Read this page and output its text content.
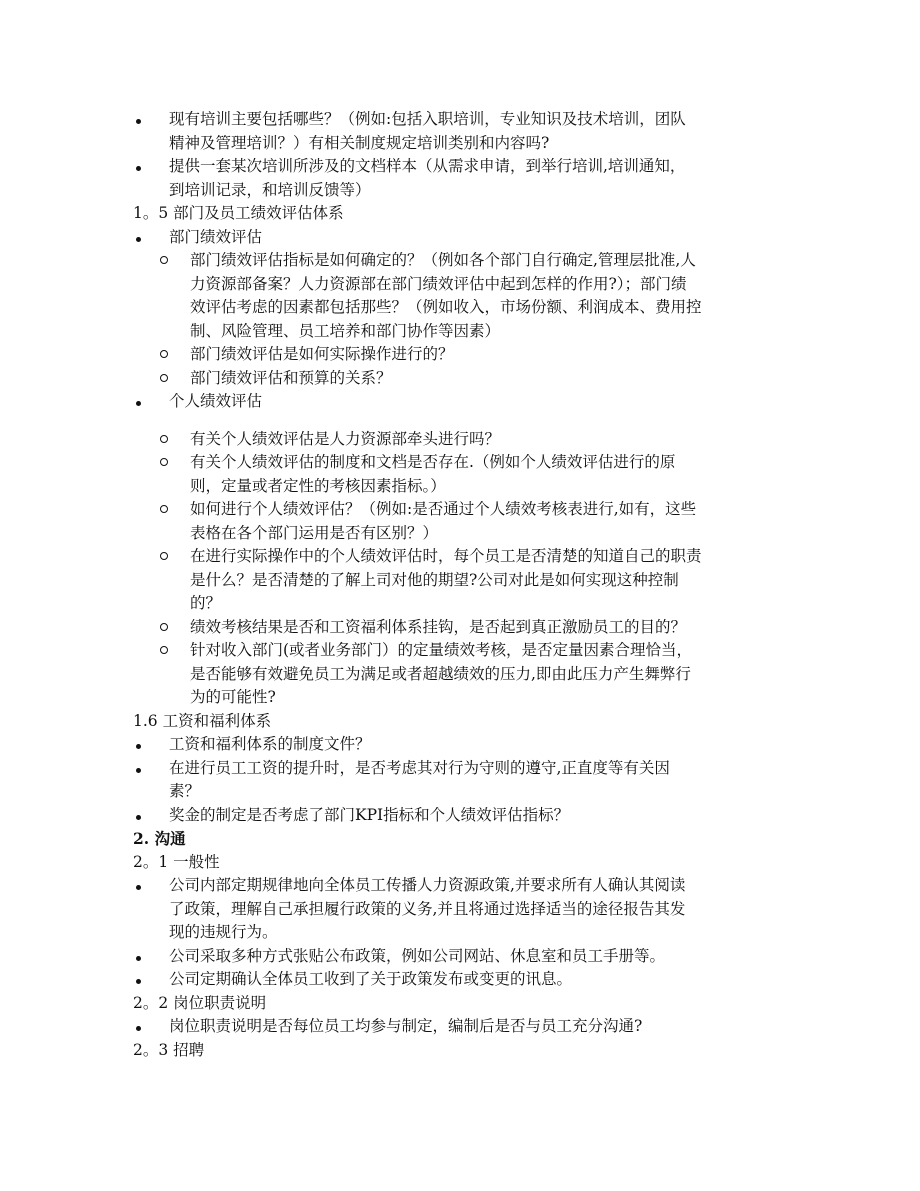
现有培训主要包括哪些？（例如:包括入职培训，专业知识及技术培训，团队
精神及管理培训？）有相关制度规定培训类别和内容吗?
提供一套某次培训所涉及的文档样本（从需求申请，到举行培训,培训通知，
到培训记录，和培训反馈等）
1。5 部门及员工绩效评估体系
部门绩效评估
部门绩效评估指标是如何确定的？（例如各个部门自行确定,管理层批准,人
力资源部备案？人力资源部在部门绩效评估中起到怎样的作用?）；部门绩
效评估考虑的因素都包括那些？（例如收入，市场份额、利润成本、费用控
制、风险管理、员工培养和部门协作等因素）
部门绩效评估是如何实际操作进行的？
部门绩效评估和预算的关系？
个人绩效评估
有关个人绩效评估是人力资源部牵头进行吗？
有关个人绩效评估的制度和文档是否存在.（例如个人绩效评估进行的原
则，定量或者定性的考核因素指标。）
如何进行个人绩效评估？（例如:是否通过个人绩效考核表进行,如有，这些
表格在各个部门运用是否有区别？）
在进行实际操作中的个人绩效评估时，每个员工是否清楚的知道自己的职责
是什么？是否清楚的了解上司对他的期望?公司对此是如何实现这种控制
的？
绩效考核结果是否和工资福利体系挂钩，是否起到真正激励员工的目的？
针对收入部门(或者业务部门）的定量绩效考核，是否定量因素合理恰当，
是否能够有效避免员工为满足或者超越绩效的压力,即由此压力产生舞弊行
为的可能性?
1.6 工资和福利体系
工资和福利体系的制度文件？
在进行员工工资的提升时，是否考虑其对行为守则的遵守,正直度等有关因
素？
奖金的制定是否考虑了部门KPI指标和个人绩效评估指标？
2. 沟通
2。1 一般性
公司内部定期规律地向全体员工传播人力资源政策,并要求所有人确认其阅读
了政策，理解自己承担履行政策的义务,并且将通过选择适当的途径报告其发
现的违规行为。
公司采取多种方式张贴公布政策，例如公司网站、休息室和员工手册等。
公司定期确认全体员工收到了关于政策发布或变更的讯息。
2。2 岗位职责说明
岗位职责说明是否每位员工均参与制定，编制后是否与员工充分沟通?
2。3 招聘
